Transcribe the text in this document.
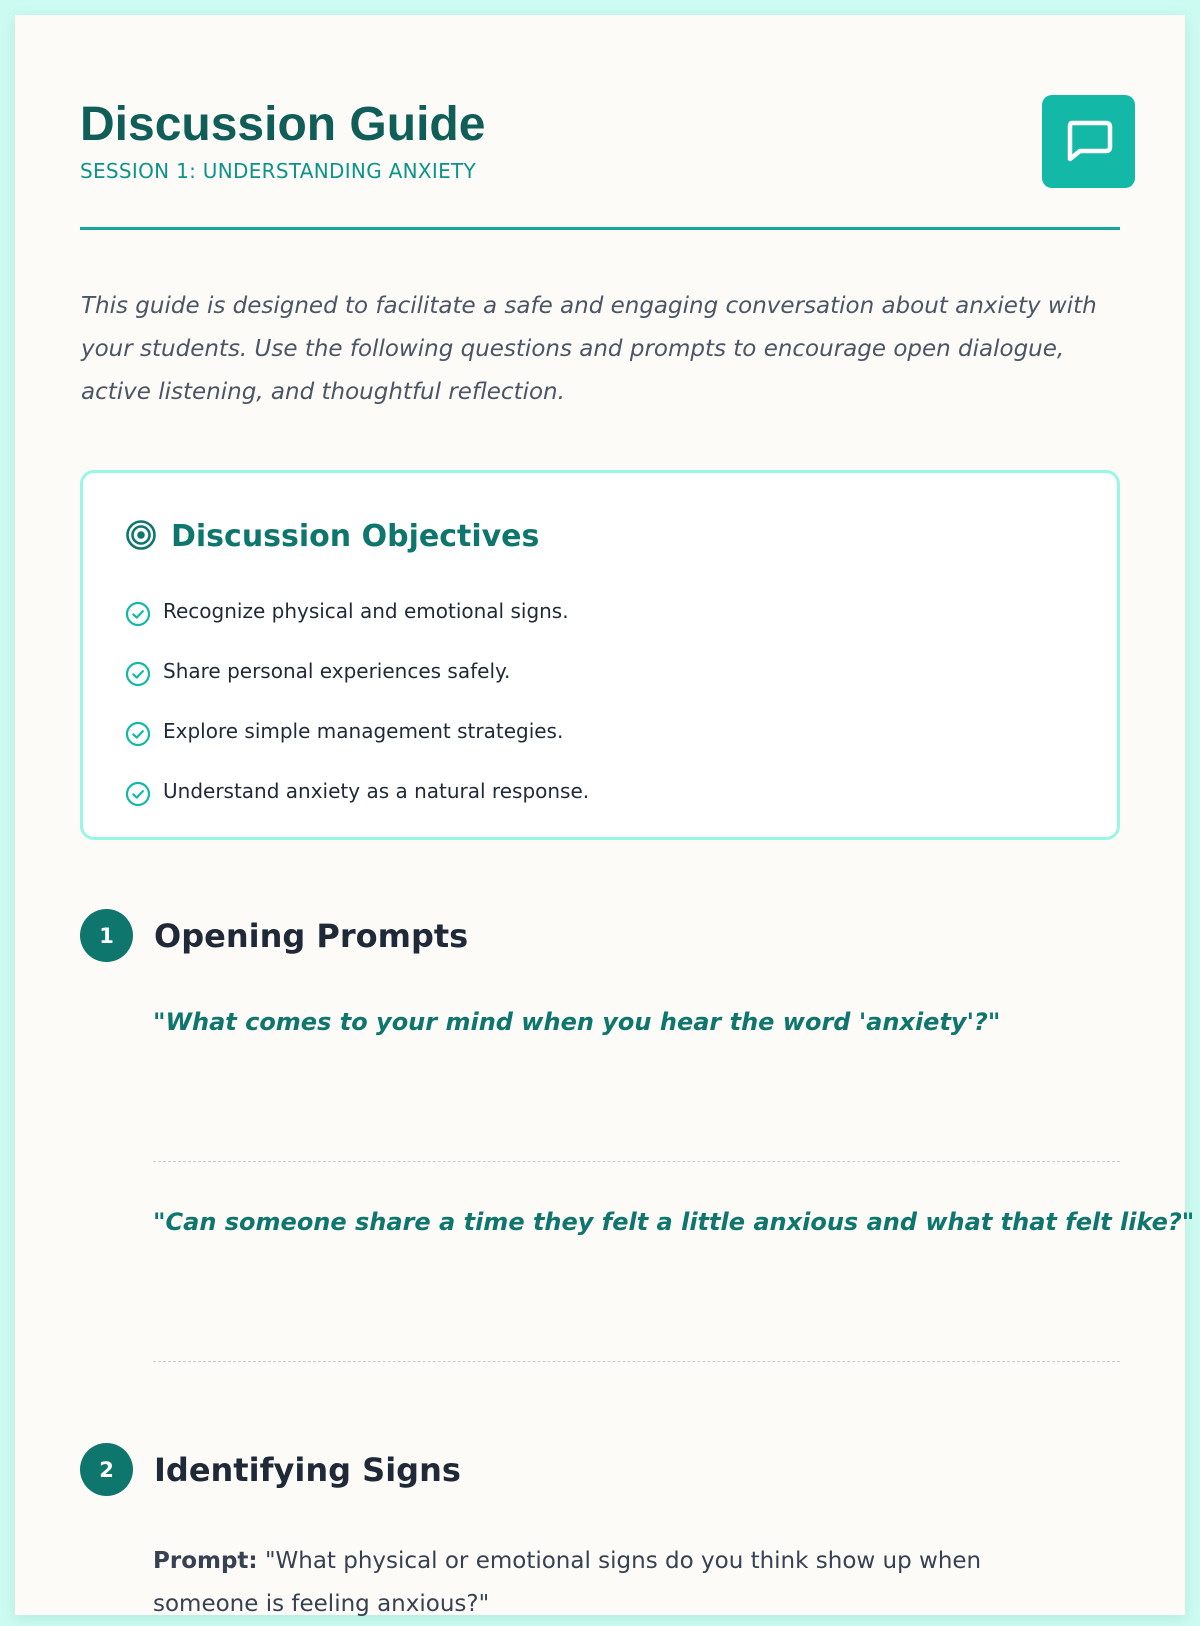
Discussion Guide

SESSION 1: UNDERSTANDING ANXIETY

This guide is designed to facilitate a safe and engaging conversation about anxiety with your students. Use the following questions and prompts to encourage open dialogue, active listening, and thoughtful reflection.

Discussion Objectives
Recognize physical and emotional signs.
Share personal experiences safely.
Explore simple management strategies.
Understand anxiety as a natural response.
1	Opening Prompts

"What comes to your mind when you hear the word 'anxiety'?"

"Can someone share a time they felt a little anxious and what that felt like?"

2	Identifying Signs

Prompt: "What physical or emotional signs do you think show up when someone is feeling anxious?"
